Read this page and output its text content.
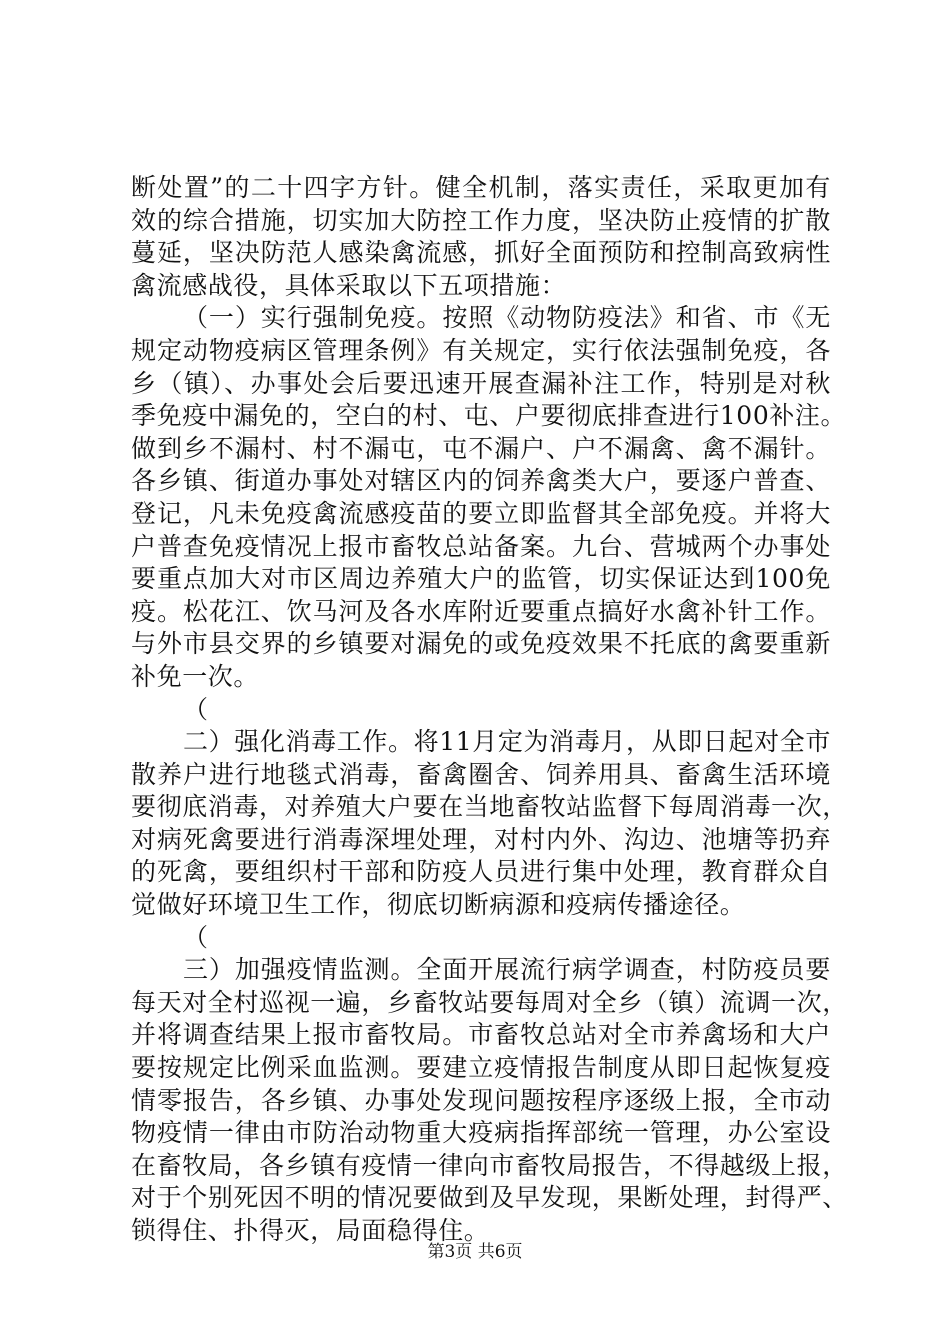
断处置”的二十四字方针。健全机制，落实责任，采取更加有
效的综合措施，切实加大防控工作力度，坚决防止疫情的扩散
蔓延，坚决防范人感染禽流感，抓好全面预防和控制高致病性
禽流感战役，具体采取以下五项措施：
（一）实行强制免疫。按照《动物防疫法》和省、市《无
规定动物疫病区管理条例》有关规定，实行依法强制免疫，各
乡（镇）、办事处会后要迅速开展查漏补注工作，特别是对秋
季免疫中漏免的，空白的村、屯、户要彻底排查进行100补注。
做到乡不漏村、村不漏屯，屯不漏户、户不漏禽、禽不漏针。
各乡镇、街道办事处对辖区内的饲养禽类大户，要逐户普查、
登记，凡未免疫禽流感疫苗的要立即监督其全部免疫。并将大
户普查免疫情况上报市畜牧总站备案。九台、营城两个办事处
要重点加大对市区周边养殖大户的监管，切实保证达到100免
疫。松花江、饮马河及各水库附近要重点搞好水禽补针工作。
与外市县交界的乡镇要对漏免的或免疫效果不托底的禽要重新
补免一次。
（
二）强化消毒工作。将11月定为消毒月，从即日起对全市
散养户进行地毯式消毒，畜禽圈舍、饲养用具、畜禽生活环境
要彻底消毒，对养殖大户要在当地畜牧站监督下每周消毒一次，
对病死禽要进行消毒深埋处理，对村内外、沟边、池塘等扔弃
的死禽，要组织村干部和防疫人员进行集中处理，教育群众自
觉做好环境卫生工作，彻底切断病源和疫病传播途径。
（
三）加强疫情监测。全面开展流行病学调查，村防疫员要
每天对全村巡视一遍，乡畜牧站要每周对全乡（镇）流调一次，
并将调查结果上报市畜牧局。市畜牧总站对全市养禽场和大户
要按规定比例采血监测。要建立疫情报告制度从即日起恢复疫
情零报告，各乡镇、办事处发现问题按程序逐级上报，全市动
物疫情一律由市防治动物重大疫病指挥部统一管理，办公室设
在畜牧局，各乡镇有疫情一律向市畜牧局报告，不得越级上报，
对于个别死因不明的情况要做到及早发现，果断处理，封得严、
锁得住、扑得灭，局面稳得住。
第3页 共6页
